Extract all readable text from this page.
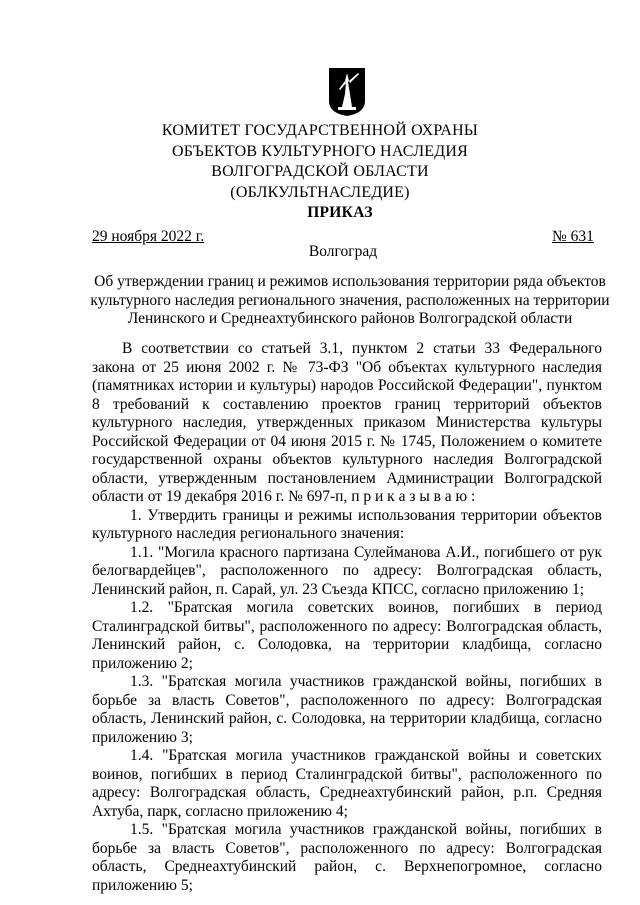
КОМИТЕТ ГОСУДАРСТВЕННОЙ ОХРАНЫ
ОБЪЕКТОВ КУЛЬТУРНОГО НАСЛЕДИЯ
ВОЛГОГРАДСКОЙ ОБЛАСТИ
(ОБЛКУЛЬТНАСЛЕДИЕ)
ПРИКАЗ
29 ноября 2022 г.	№ 631
Волгоград
Об утверждении границ и режимов использования территории ряда объектов культурного наследия регионального значения, расположенных на территории Ленинского и Среднеахтубинского районов Волгоградской области

В соответствии со статьей 3.1, пунктом 2 статьи 33 Федерального закона от 25 июня 2002 г. № 73-ФЗ "Об объектах культурного наследия (памятниках истории и культуры) народов Российской Федерации", пунктом 8 требований к составлению проектов границ территорий объектов культурного наследия, утвержденных приказом Министерства культуры Российской Федерации от 04 июня 2015 г. № 1745, Положением о комитете государственной охраны объектов культурного наследия Волгоградской области, утвержденным постановлением Администрации Волгоградской области от 19 декабря 2016 г. № 697-п, п р и к а з ы в а ю :

1. Утвердить границы и режимы использования территории объектов культурного наследия регионального значения:

1.1. "Могила красного партизана Сулейманова А.И., погибшего от рук белогвардейцев", расположенного по адресу: Волгоградская область, Ленинский район, п. Сарай, ул. 23 Съезда КПСС, согласно приложению 1;

1.2. "Братская могила советских воинов, погибших в период Сталинградской битвы", расположенного по адресу: Волгоградская область, Ленинский район, с. Солодовка, на территории кладбища, согласно приложению 2;

1.3. "Братская могила участников гражданской войны, погибших в борьбе за власть Советов", расположенного по адресу: Волгоградская область, Ленинский район, с. Солодовка, на территории кладбища, согласно приложению 3;

1.4. "Братская могила участников гражданской войны и советских воинов, погибших в период Сталинградской битвы", расположенного по адресу: Волгоградская область, Среднеахтубинский район, р.п. Средняя Ахтуба, парк, согласно приложению 4;

1.5. "Братская могила участников гражданской войны, погибших в борьбе за власть Советов", расположенного по адресу: Волгоградская область, Среднеахтубинский район, с. Верхнепогромное, согласно приложению 5;
